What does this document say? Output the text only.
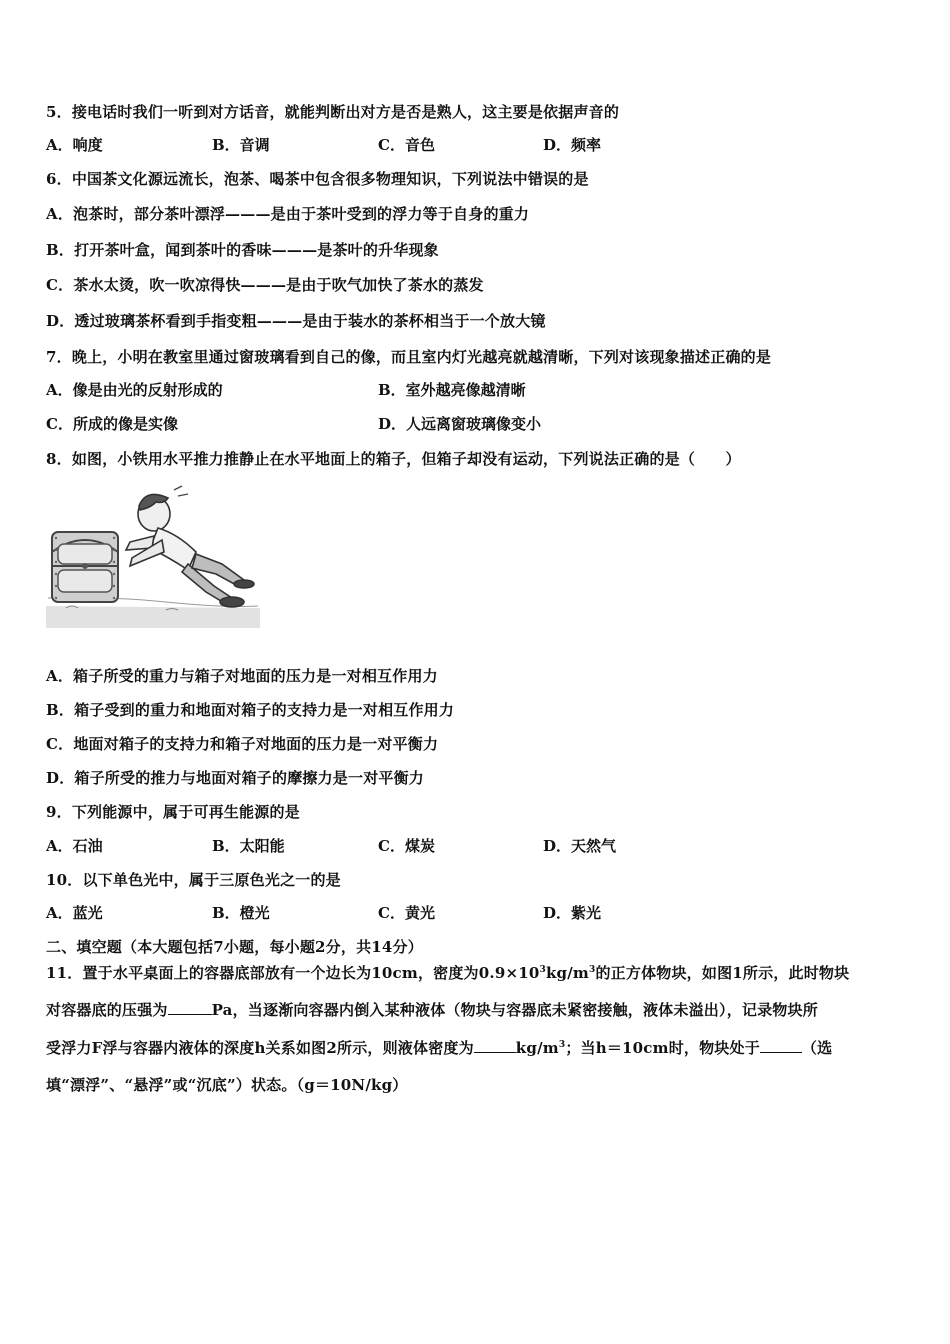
5．接电话时我们一听到对方话音，就能判断出对方是否是熟人，这主要是依据声音的
A．响度	B．音调	C．音色	D．频率
6．中国茶文化源远流长，泡茶、喝茶中包含很多物理知识，下列说法中错误的是
A．泡茶时，部分茶叶漂浮———是由于茶叶受到的浮力等于自身的重力
B．打开茶叶盒，闻到茶叶的香味———是茶叶的升华现象
C．茶水太烫，吹一吹凉得快———是由于吹气加快了茶水的蒸发
D．透过玻璃茶杯看到手指变粗———是由于装水的茶杯相当于一个放大镜
7．晚上，小明在教室里通过窗玻璃看到自己的像，而且室内灯光越亮就越清晰，下列对该现象描述正确的是
A．像是由光的反射形成的	B．室外越亮像越清晰
C．所成的像是实像	D．人远离窗玻璃像变小
8．如图，小铁用水平推力推静止在水平地面上的箱子，但箱子却没有运动，下列说法正确的是（　　）
A．箱子所受的重力与箱子对地面的压力是一对相互作用力
B．箱子受到的重力和地面对箱子的支持力是一对相互作用力
C．地面对箱子的支持力和箱子对地面的压力是一对平衡力
D．箱子所受的推力与地面对箱子的摩擦力是一对平衡力
9．下列能源中，属于可再生能源的是
A．石油	B．太阳能	C．煤炭	D．天然气
10．以下单色光中，属于三原色光之一的是
A．蓝光	B．橙光	C．黄光	D．紫光
二、填空题（本大题包括7小题，每小题2分，共14分）
11．置于水平桌面上的容器底部放有一个边长为10cm，密度为$0.9\times 10^3kg/m^3$的正方体物块，如图1所示，此时物块
对容器底的压强为	Pa，当逐渐向容器内倒入某种液体（物块与容器底未紧密接触，液体未溢出），记录物块所
受浮力F浮与容器内液体的深度h关系如图2所示，则液体密度为	$kg/m^3$；当h＝10cm时，物块处于	（选
填“漂浮”、“悬浮”或“沉底”）状态。（g＝10N/kg）
